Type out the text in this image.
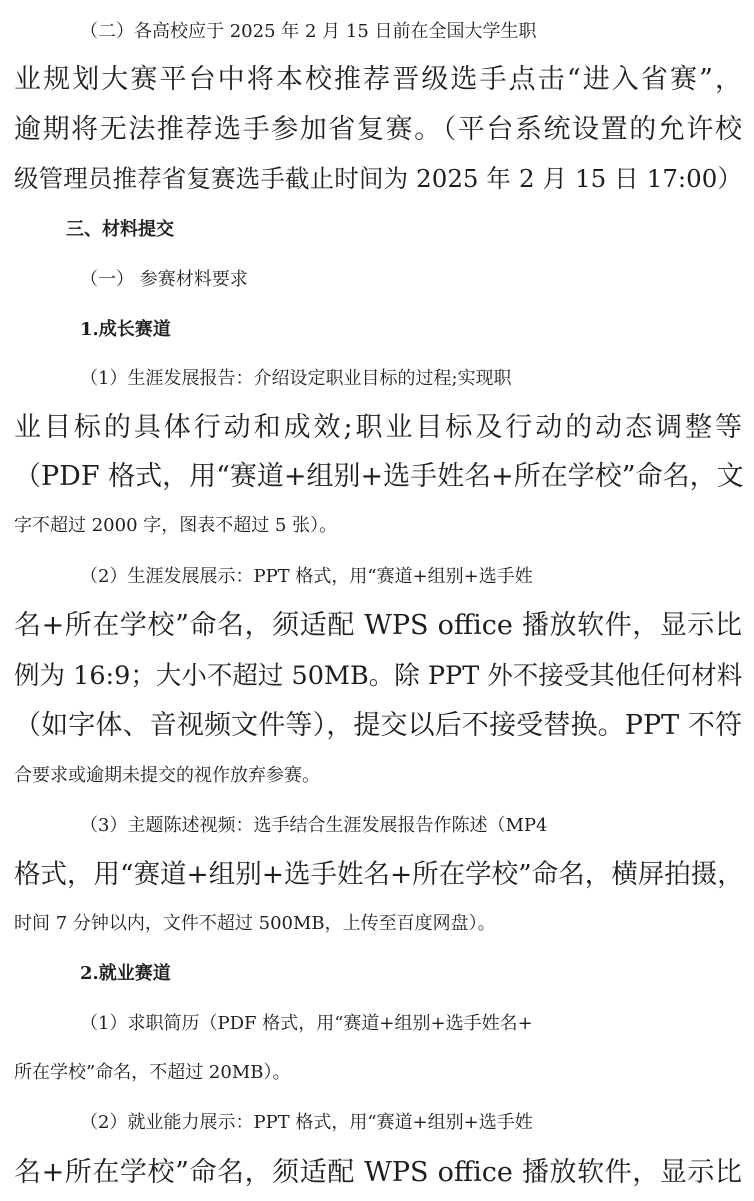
（二）各高校应于 2025 年 2 月 15 日前在全国大学生职
业规划大赛平台中将本校推荐晋级选手点击“进入省赛”，
逾期将无法推荐选手参加省复赛。（平台系统设置的允许校
级管理员推荐省复赛选手截止时间为 2025 年 2 月 15 日 17:00）
三、材料提交
（一） 参赛材料要求
1.成长赛道
（1）生涯发展报告：介绍设定职业目标的过程;实现职
业目标的具体行动和成效;职业目标及行动的动态调整等
（PDF 格式，用“赛道+组别+选手姓名+所在学校”命名，文
字不超过 2000 字，图表不超过 5 张）。
（2）生涯发展展示：PPT 格式，用“赛道+组别+选手姓
名+所在学校”命名，须适配 WPS office 播放软件，显示比
例为 16:9；大小不超过 50MB。除 PPT 外不接受其他任何材料
（如字体、音视频文件等），提交以后不接受替换。PPT 不符
合要求或逾期未提交的视作放弃参赛。
（3）主题陈述视频：选手结合生涯发展报告作陈述（MP4
格式，用“赛道+组别+选手姓名+所在学校”命名，横屏拍摄，
时间 7 分钟以内，文件不超过 500MB，上传至百度网盘）。
2.就业赛道
（1）求职简历（PDF 格式，用“赛道+组别+选手姓名+
所在学校”命名，不超过 20MB）。
（2）就业能力展示：PPT 格式，用“赛道+组别+选手姓
名+所在学校”命名，须适配 WPS office 播放软件，显示比
